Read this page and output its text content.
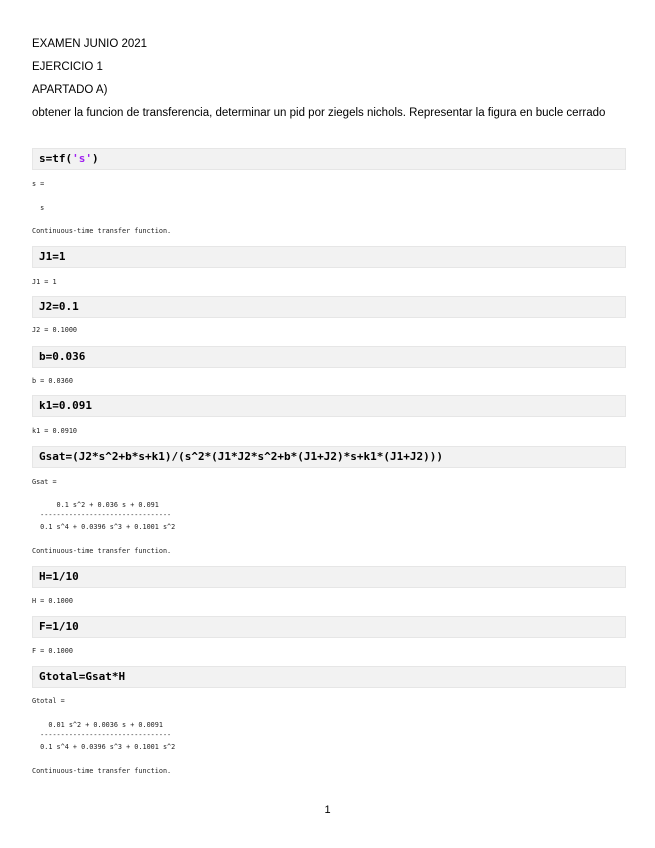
EXAMEN JUNIO 2021
EJERCICIO 1
APARTADO A)
obtener la funcion de transferencia, determinar un pid por ziegels nichols. Representar la figura en bucle cerrado
s=tf('s')
s =
s
Continuous-time transfer function.
J1=1
J1 = 1
J2=0.1
J2 = 0.1000
b=0.036
b = 0.0360
k1=0.091
k1 = 0.0910
Gsat=(J2*s^2+b*s+k1)/(s^2*(J1*J2*s^2+b*(J1+J2)*s+k1*(J1+J2)))
Gsat =
0.1 s^2 + 0.036 s + 0.091
--------------------------------
0.1 s^4 + 0.0396 s^3 + 0.1001 s^2
Continuous-time transfer function.
H=1/10
H = 0.1000
F=1/10
F = 0.1000
Gtotal=Gsat*H
Gtotal =
0.01 s^2 + 0.0036 s + 0.0091
--------------------------------
0.1 s^4 + 0.0396 s^3 + 0.1001 s^2
Continuous-time transfer function.
1
